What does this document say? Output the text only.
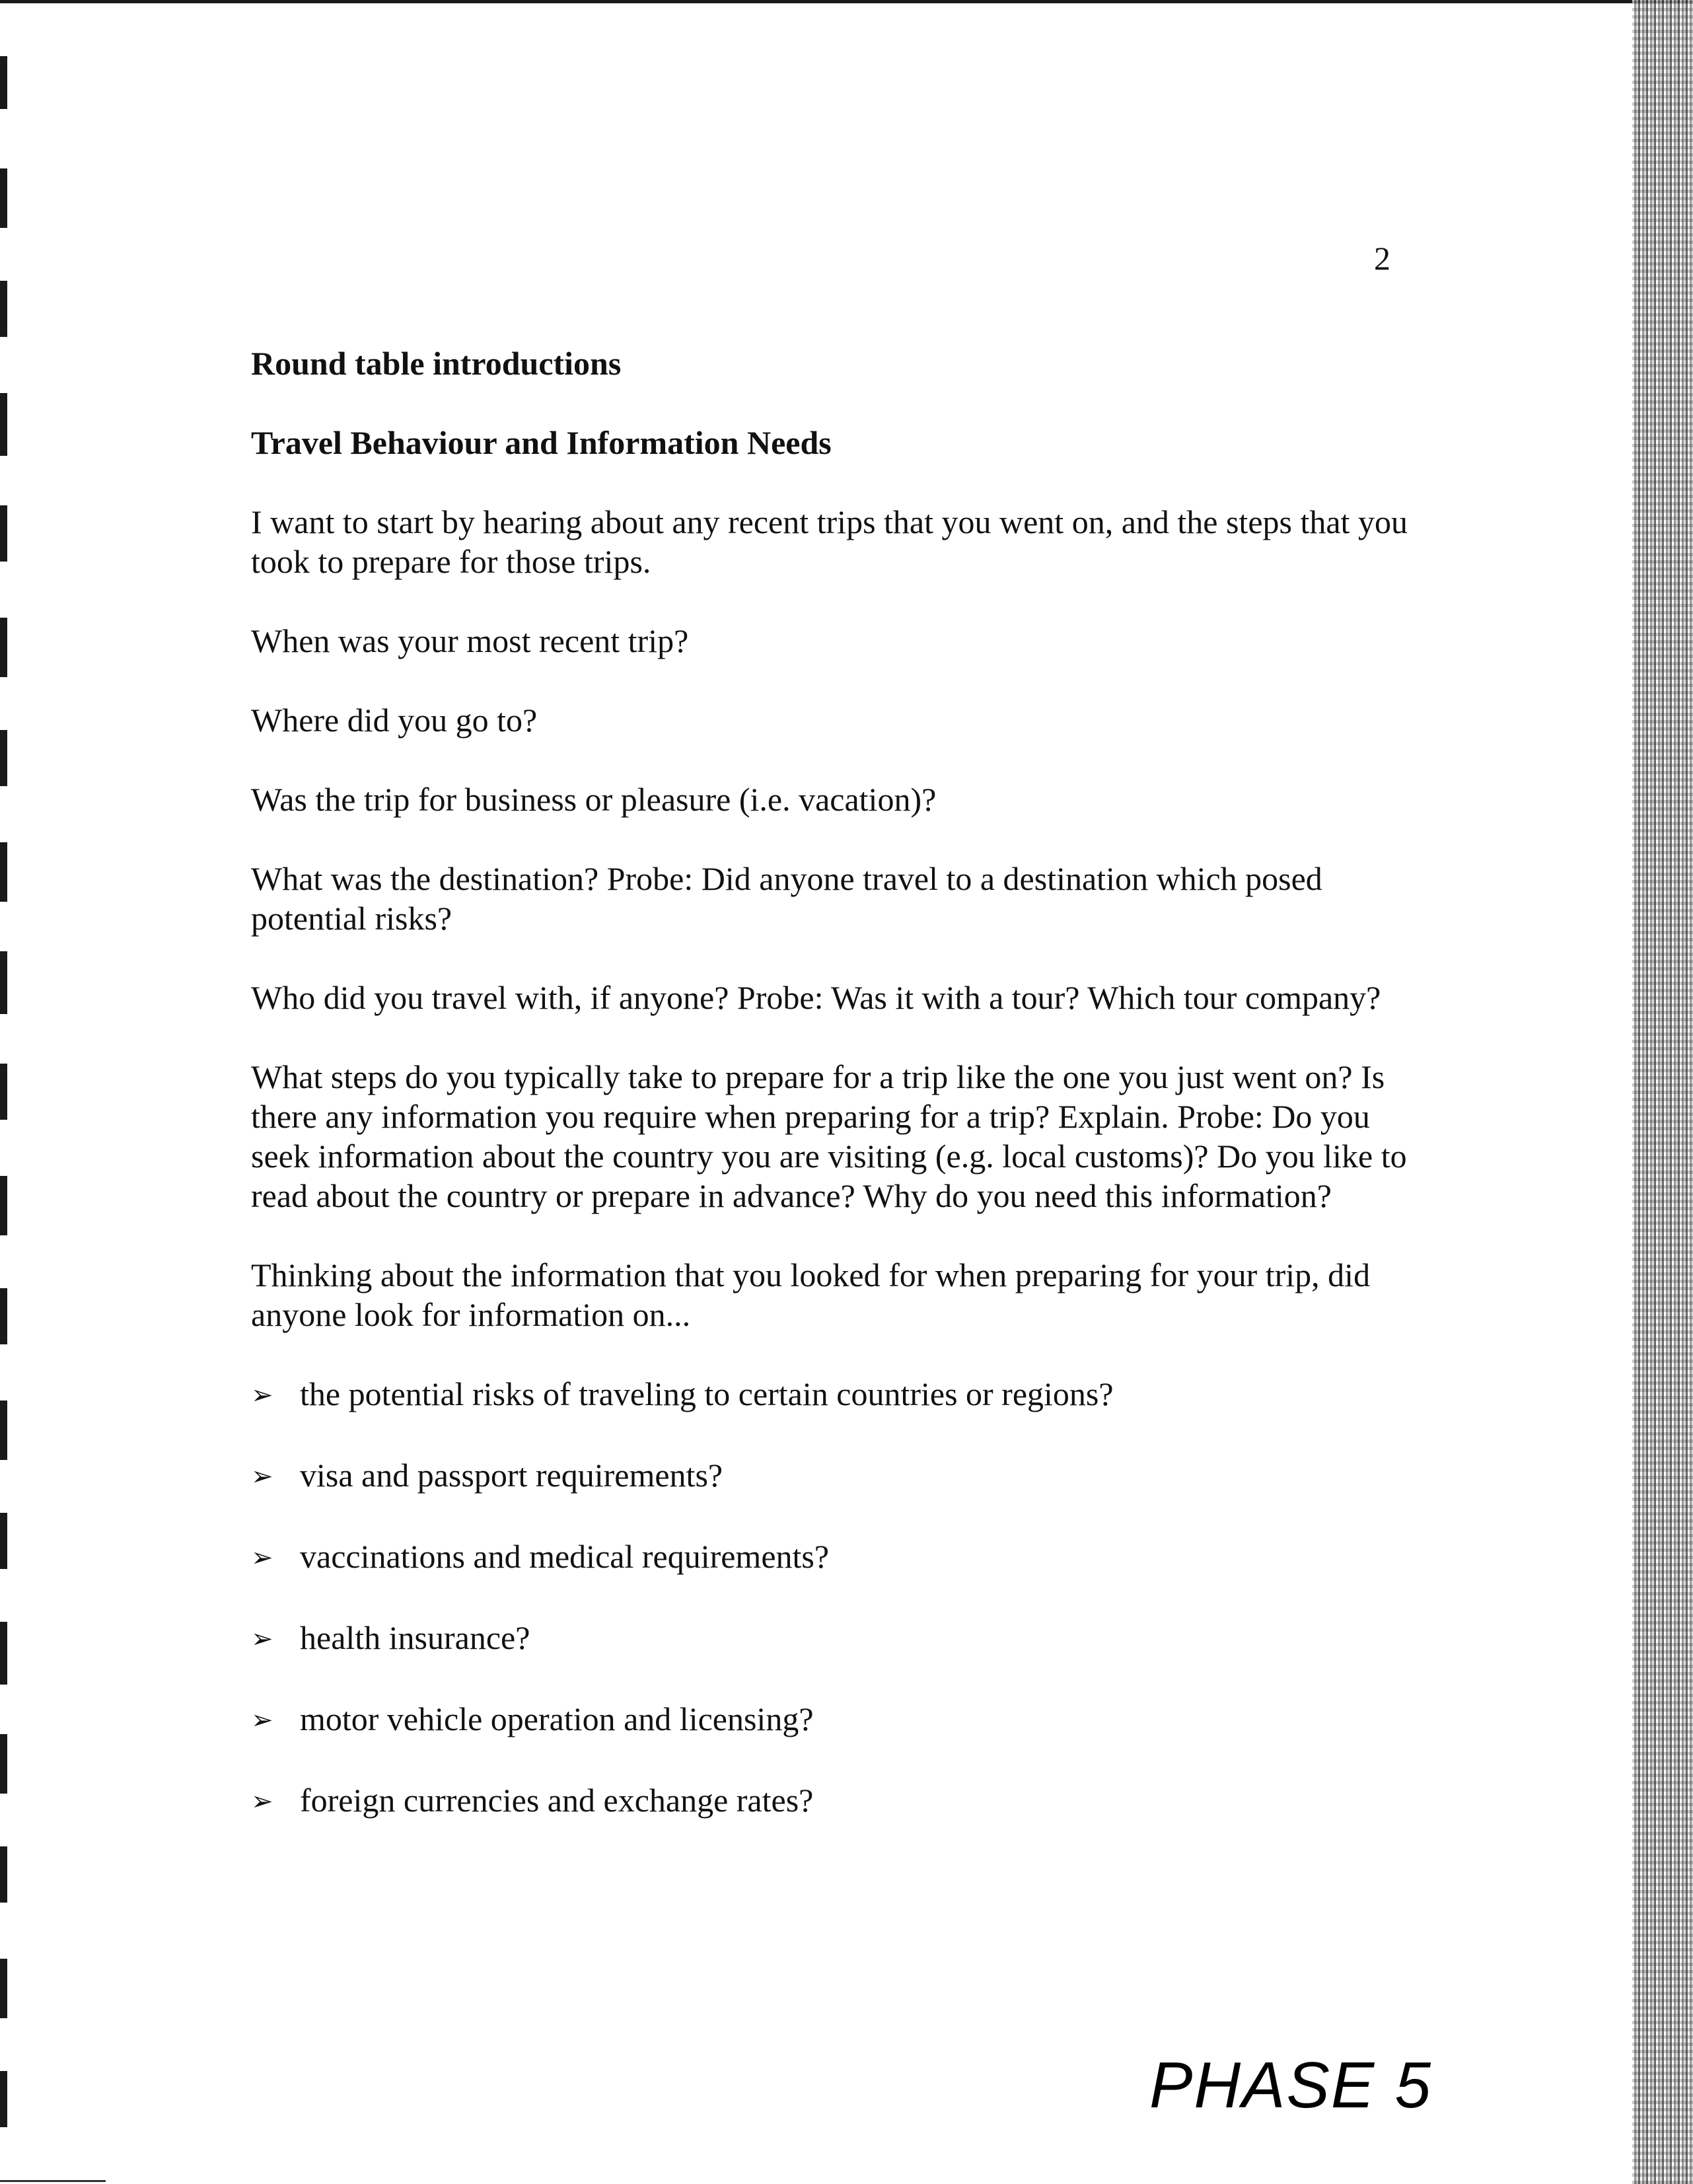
2

Round table introductions

Travel Behaviour and Information Needs

I want to start by hearing about any recent trips that you went on, and the steps that you took to prepare for those trips.

When was your most recent trip?

Where did you go to?

Was the trip for business or pleasure (i.e. vacation)?

What was the destination? Probe: Did anyone travel to a destination which posed potential risks?

Who did you travel with, if anyone? Probe: Was it with a tour? Which tour company?

What steps do you typically take to prepare for a trip like the one you just went on? Is there any information you require when preparing for a trip? Explain. Probe: Do you seek information about the country you are visiting (e.g. local customs)? Do you like to read about the country or prepare in advance? Why do you need this information?

Thinking about the information that you looked for when preparing for your trip, did anyone look for information on...

➢ the potential risks of traveling to certain countries or regions?
➢ visa and passport requirements?
➢ vaccinations and medical requirements?
➢ health insurance?
➢ motor vehicle operation and licensing?
➢ foreign currencies and exchange rates?
PHASE 5
